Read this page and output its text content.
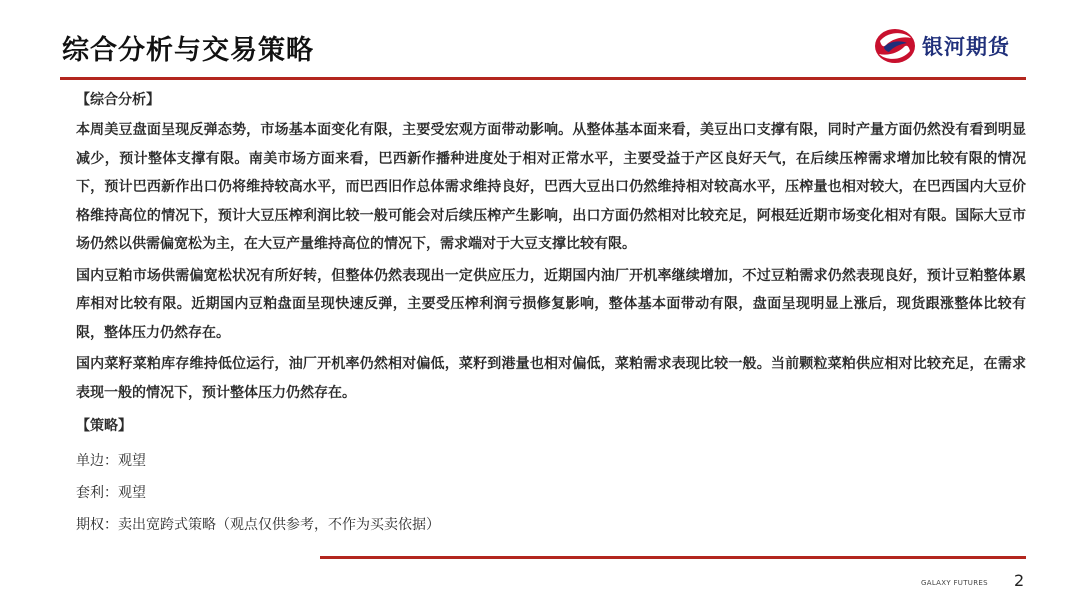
综合分析与交易策略	银河期货
【综合分析】

本周美豆盘面呈现反弹态势，市场基本面变化有限，主要受宏观方面带动影响。从整体基本面来看，美豆出口支撑有限，同时产量方面仍然没有看到明显减少，预计整体支撑有限。南美市场方面来看，巴西新作播种进度处于相对正常水平，主要受益于产区良好天气，在后续压榨需求增加比较有限的情况下，预计巴西新作出口仍将维持较高水平，而巴西旧作总体需求维持良好，巴西大豆出口仍然维持相对较高水平，压榨量也相对较大，在巴西国内大豆价格维持高位的情况下，预计大豆压榨利润比较一般可能会对后续压榨产生影响，出口方面仍然相对比较充足，阿根廷近期市场变化相对有限。国际大豆市场仍然以供需偏宽松为主，在大豆产量维持高位的情况下，需求端对于大豆支撑比较有限。

国内豆粕市场供需偏宽松状况有所好转，但整体仍然表现出一定供应压力，近期国内油厂开机率继续增加，不过豆粕需求仍然表现良好，预计豆粕整体累库相对比较有限。近期国内豆粕盘面呈现快速反弹，主要受压榨利润亏损修复影响，整体基本面带动有限，盘面呈现明显上涨后，现货跟涨整体比较有限，整体压力仍然存在。

国内菜籽菜粕库存维持低位运行，油厂开机率仍然相对偏低，菜籽到港量也相对偏低，菜粕需求表现比较一般。当前颗粒菜粕供应相对比较充足，在需求表现一般的情况下，预计整体压力仍然存在。

【策略】

单边：观望

套利：观望

期权：卖出宽跨式策略（观点仅供参考，不作为买卖依据）

GALAXY FUTURES 2
